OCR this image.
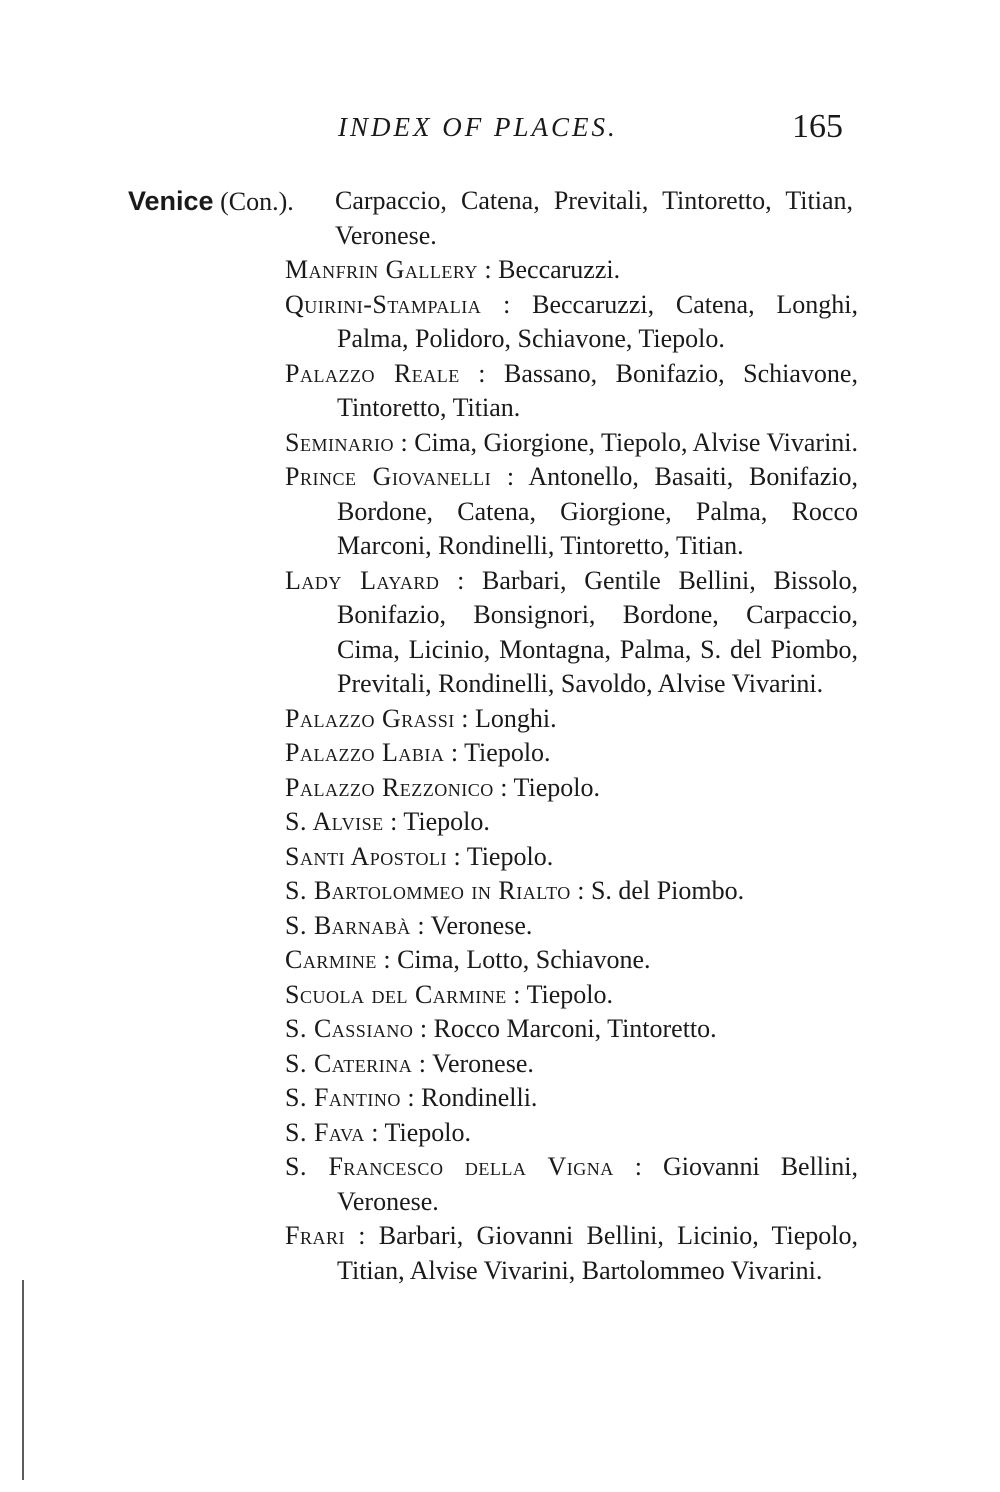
INDEX OF PLACES.	165
Venice (Con.).	Carpaccio, Catena, Previtali, Tintoretto, Titian, Veronese.
Manfrin Gallery : Beccaruzzi.
Quirini-Stampalia : Beccaruzzi, Catena, Longhi, Palma, Polidoro, Schiavone, Tiepolo.
Palazzo Reale : Bassano, Bonifazio, Schiavone, Tintoretto, Titian.
Seminario : Cima, Giorgione, Tiepolo, Alvise Vivarini.
Prince Giovanelli : Antonello, Basaiti, Bonifazio, Bordone, Catena, Giorgione, Palma, Rocco Marconi, Rondinelli, Tintoretto, Titian.
Lady Layard : Barbari, Gentile Bellini, Bissolo, Bonifazio, Bonsignori, Bordone, Carpaccio, Cima, Licinio, Montagna, Palma, S. del Piombo, Previtali, Rondinelli, Savoldo, Alvise Vivarini.
Palazzo Grassi : Longhi.
Palazzo Labia : Tiepolo.
Palazzo Rezzonico : Tiepolo.
S. Alvise : Tiepolo.
Santi Apostoli : Tiepolo.
S. Bartolommeo in Rialto : S. del Piombo.
S. Barnabà : Veronese.
Carmine : Cima, Lotto, Schiavone.
Scuola del Carmine : Tiepolo.
S. Cassiano : Rocco Marconi, Tintoretto.
S. Caterina : Veronese.
S. Fantino : Rondinelli.
S. Fava : Tiepolo.
S. Francesco della Vigna : Giovanni Bellini, Veronese.
Frari : Barbari, Giovanni Bellini, Licinio, Tiepolo, Titian, Alvise Vivarini, Bartolommeo Vivarini.
